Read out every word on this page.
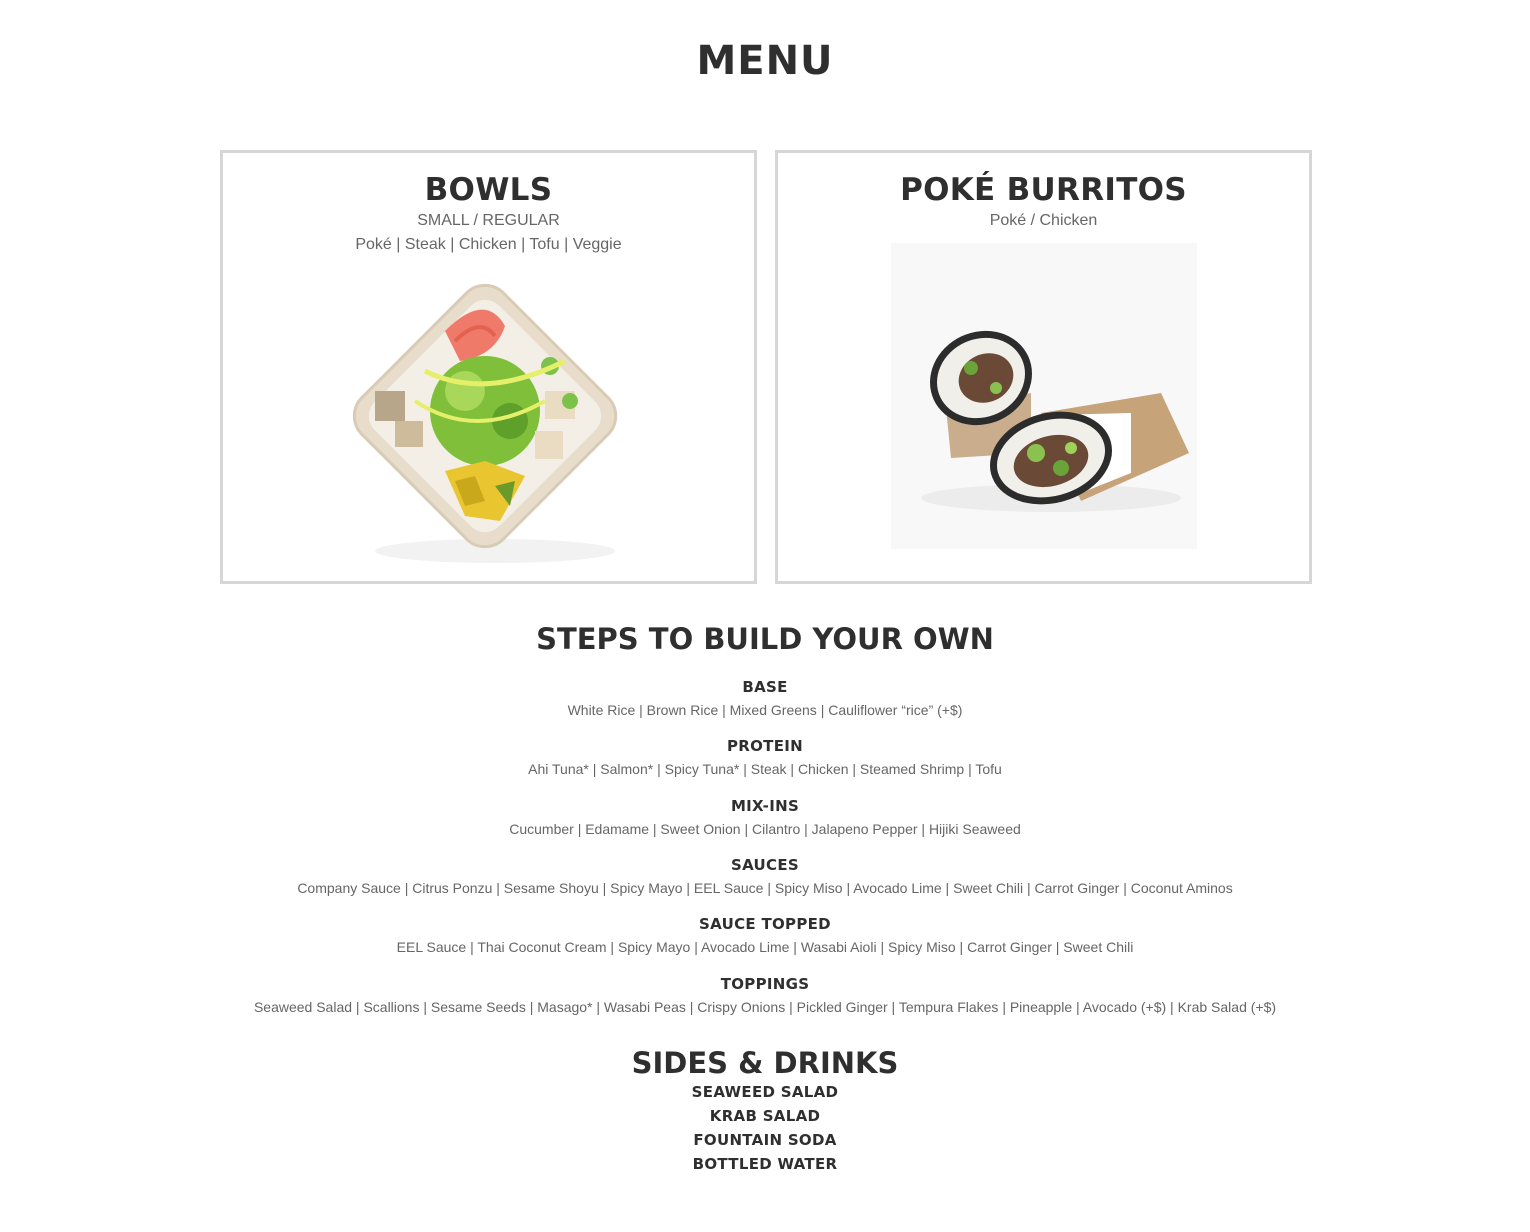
MENU
BOWLS
SMALL / REGULAR
Poké | Steak | Chicken | Tofu | Veggie
POKÉ BURRITOS
Poké / Chicken
STEPS TO BUILD YOUR OWN
BASE
White Rice | Brown Rice | Mixed Greens | Cauliflower “rice” (+$)
PROTEIN
Ahi Tuna* | Salmon* | Spicy Tuna* | Steak | Chicken | Steamed Shrimp | Tofu
MIX-INS
Cucumber | Edamame | Sweet Onion | Cilantro | Jalapeno Pepper | Hijiki Seaweed
SAUCES
Company Sauce | Citrus Ponzu | Sesame Shoyu | Spicy Mayo | EEL Sauce | Spicy Miso | Avocado Lime | Sweet Chili | Carrot Ginger | Coconut Aminos
SAUCE TOPPED
EEL Sauce | Thai Coconut Cream | Spicy Mayo | Avocado Lime | Wasabi Aioli | Spicy Miso | Carrot Ginger | Sweet Chili
TOPPINGS
Seaweed Salad | Scallions | Sesame Seeds | Masago* | Wasabi Peas | Crispy Onions | Pickled Ginger | Tempura Flakes | Pineapple | Avocado (+$) | Krab Salad (+$)
SIDES & DRINKS
SEAWEED SALAD
KRAB SALAD
FOUNTAIN SODA
BOTTLED WATER
